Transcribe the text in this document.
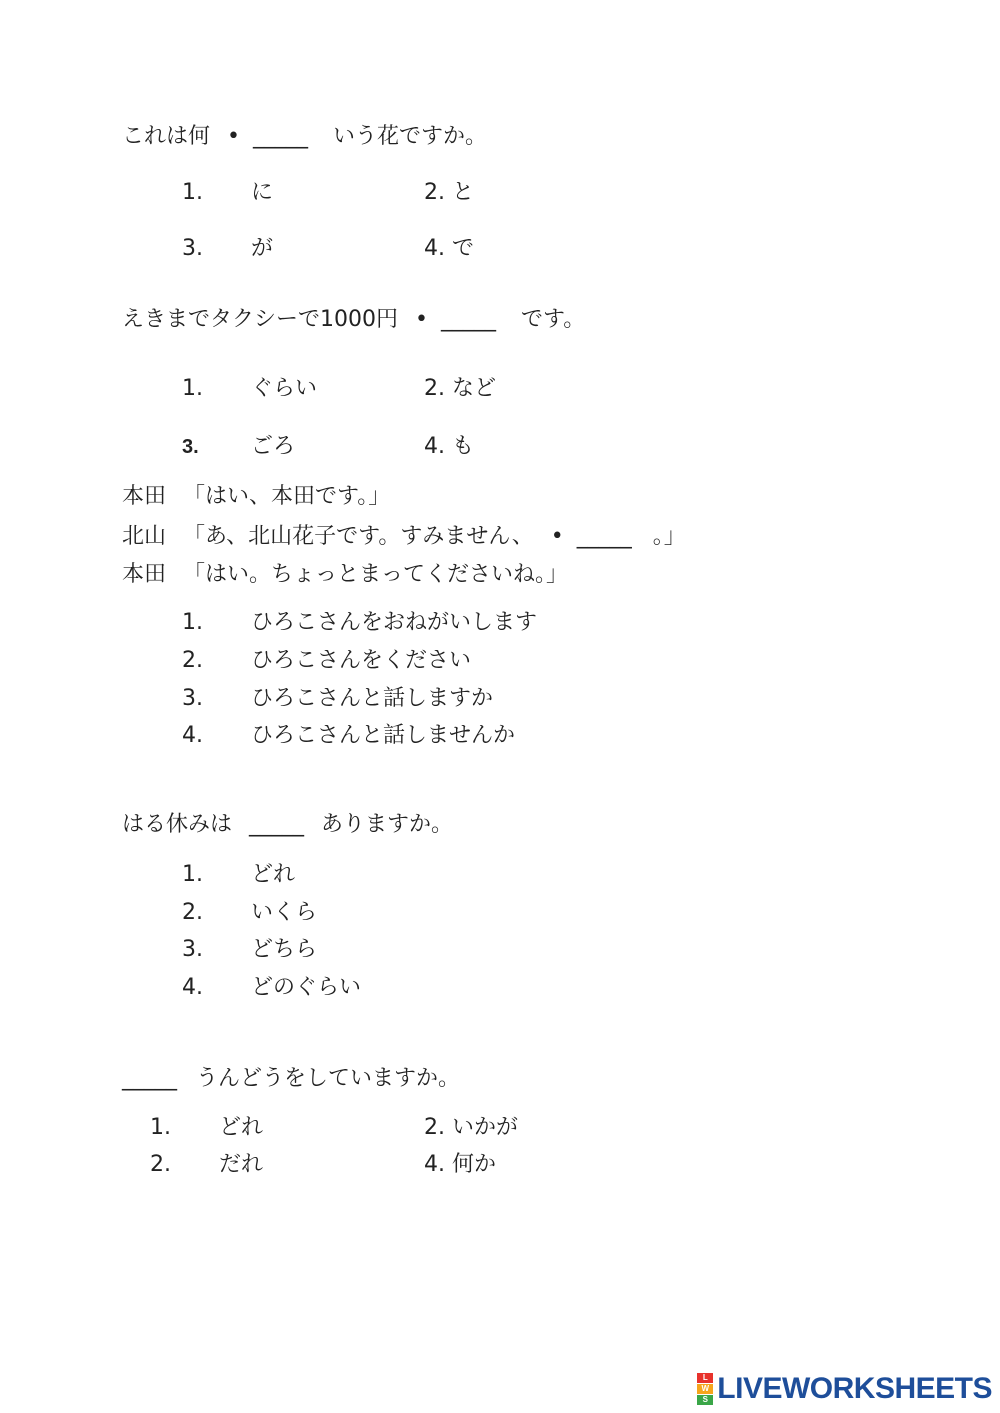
これは何 • _____ いう花ですか。
1. に	2. と
3. が	4. で
えきまでタクシーで1000円 • _____ です。
1. ぐらい	2. など
3. ごろ	4. も
本田 「はい、本田です。」
北山 「あ、北山花子です。すみません、 • _____ 。」
本田 「はい。ちょっとまってくださいね。」
1. ひろこさんをおねがいします
2. ひろこさんをください
3. ひろこさんと話しますか
4. ひろこさんと話しませんか
はる休みは _____ ありますか。
1. どれ
2. いくら
3. どちら
4. どのぐらい
_____ うんどうをしていますか。
1. どれ	2. いかが
2. だれ	4. 何か
L
W
S LIVEWORKSHEETS
